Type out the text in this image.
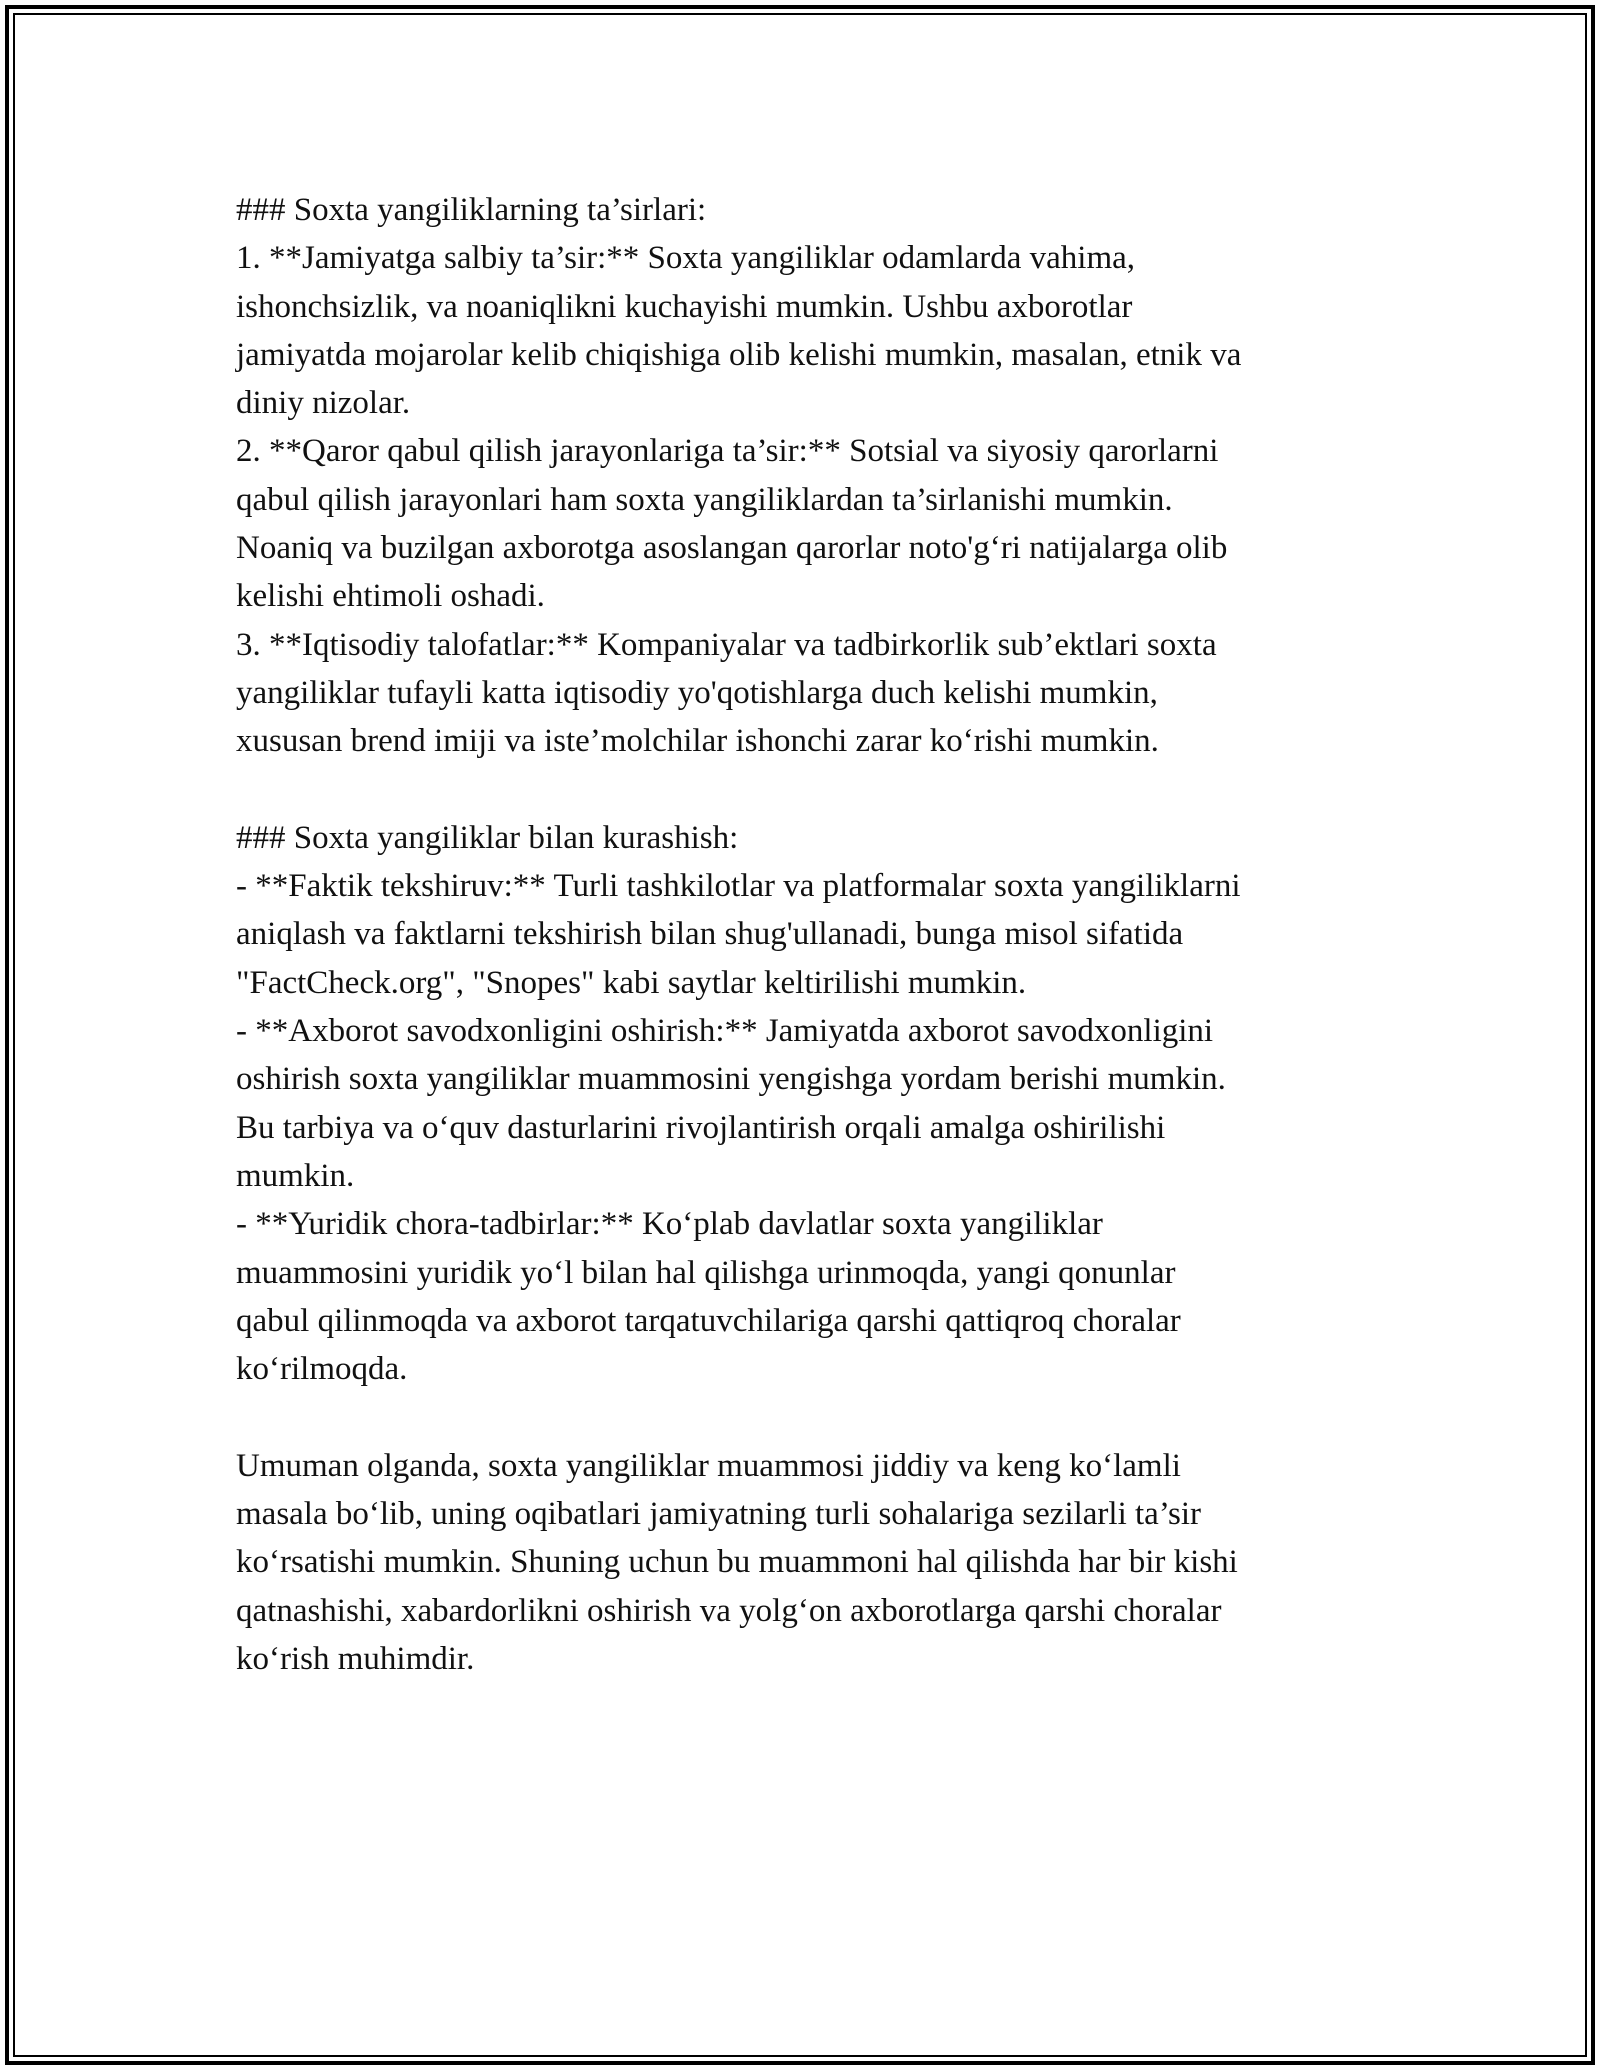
### Soxta yangiliklarning ta’sirlari:
1. **Jamiyatga salbiy ta’sir:** Soxta yangiliklar odamlarda vahima,
ishonchsizlik, va noaniqlikni kuchayishi mumkin. Ushbu axborotlar
jamiyatda mojarolar kelib chiqishiga olib kelishi mumkin, masalan, etnik va
diniy nizolar.
2. **Qaror qabul qilish jarayonlariga ta’sir:** Sotsial va siyosiy qarorlarni
qabul qilish jarayonlari ham soxta yangiliklardan ta’sirlanishi mumkin.
Noaniq va buzilgan axborotga asoslangan qarorlar noto'g‘ri natijalarga olib
kelishi ehtimoli oshadi.
3. **Iqtisodiy talofatlar:** Kompaniyalar va tadbirkorlik sub’ektlari soxta
yangiliklar tufayli katta iqtisodiy yo'qotishlarga duch kelishi mumkin,
xususan brend imiji va iste’molchilar ishonchi zarar ko‘rishi mumkin.
### Soxta yangiliklar bilan kurashish:
- **Faktik tekshiruv:** Turli tashkilotlar va platformalar soxta yangiliklarni
aniqlash va faktlarni tekshirish bilan shug'ullanadi, bunga misol sifatida
"FactCheck.org", "Snopes" kabi saytlar keltirilishi mumkin.
- **Axborot savodxonligini oshirish:** Jamiyatda axborot savodxonligini
oshirish soxta yangiliklar muammosini yengishga yordam berishi mumkin.
Bu tarbiya va o‘quv dasturlarini rivojlantirish orqali amalga oshirilishi
mumkin.
- **Yuridik chora-tadbirlar:** Ko‘plab davlatlar soxta yangiliklar
muammosini yuridik yo‘l bilan hal qilishga urinmoqda, yangi qonunlar
qabul qilinmoqda va axborot tarqatuvchilariga qarshi qattiqroq choralar
ko‘rilmoqda.
Umuman olganda, soxta yangiliklar muammosi jiddiy va keng ko‘lamli
masala bo‘lib, uning oqibatlari jamiyatning turli sohalariga sezilarli ta’sir
ko‘rsatishi mumkin. Shuning uchun bu muammoni hal qilishda har bir kishi
qatnashishi, xabardorlikni oshirish va yolg‘on axborotlarga qarshi choralar
ko‘rish muhimdir.
